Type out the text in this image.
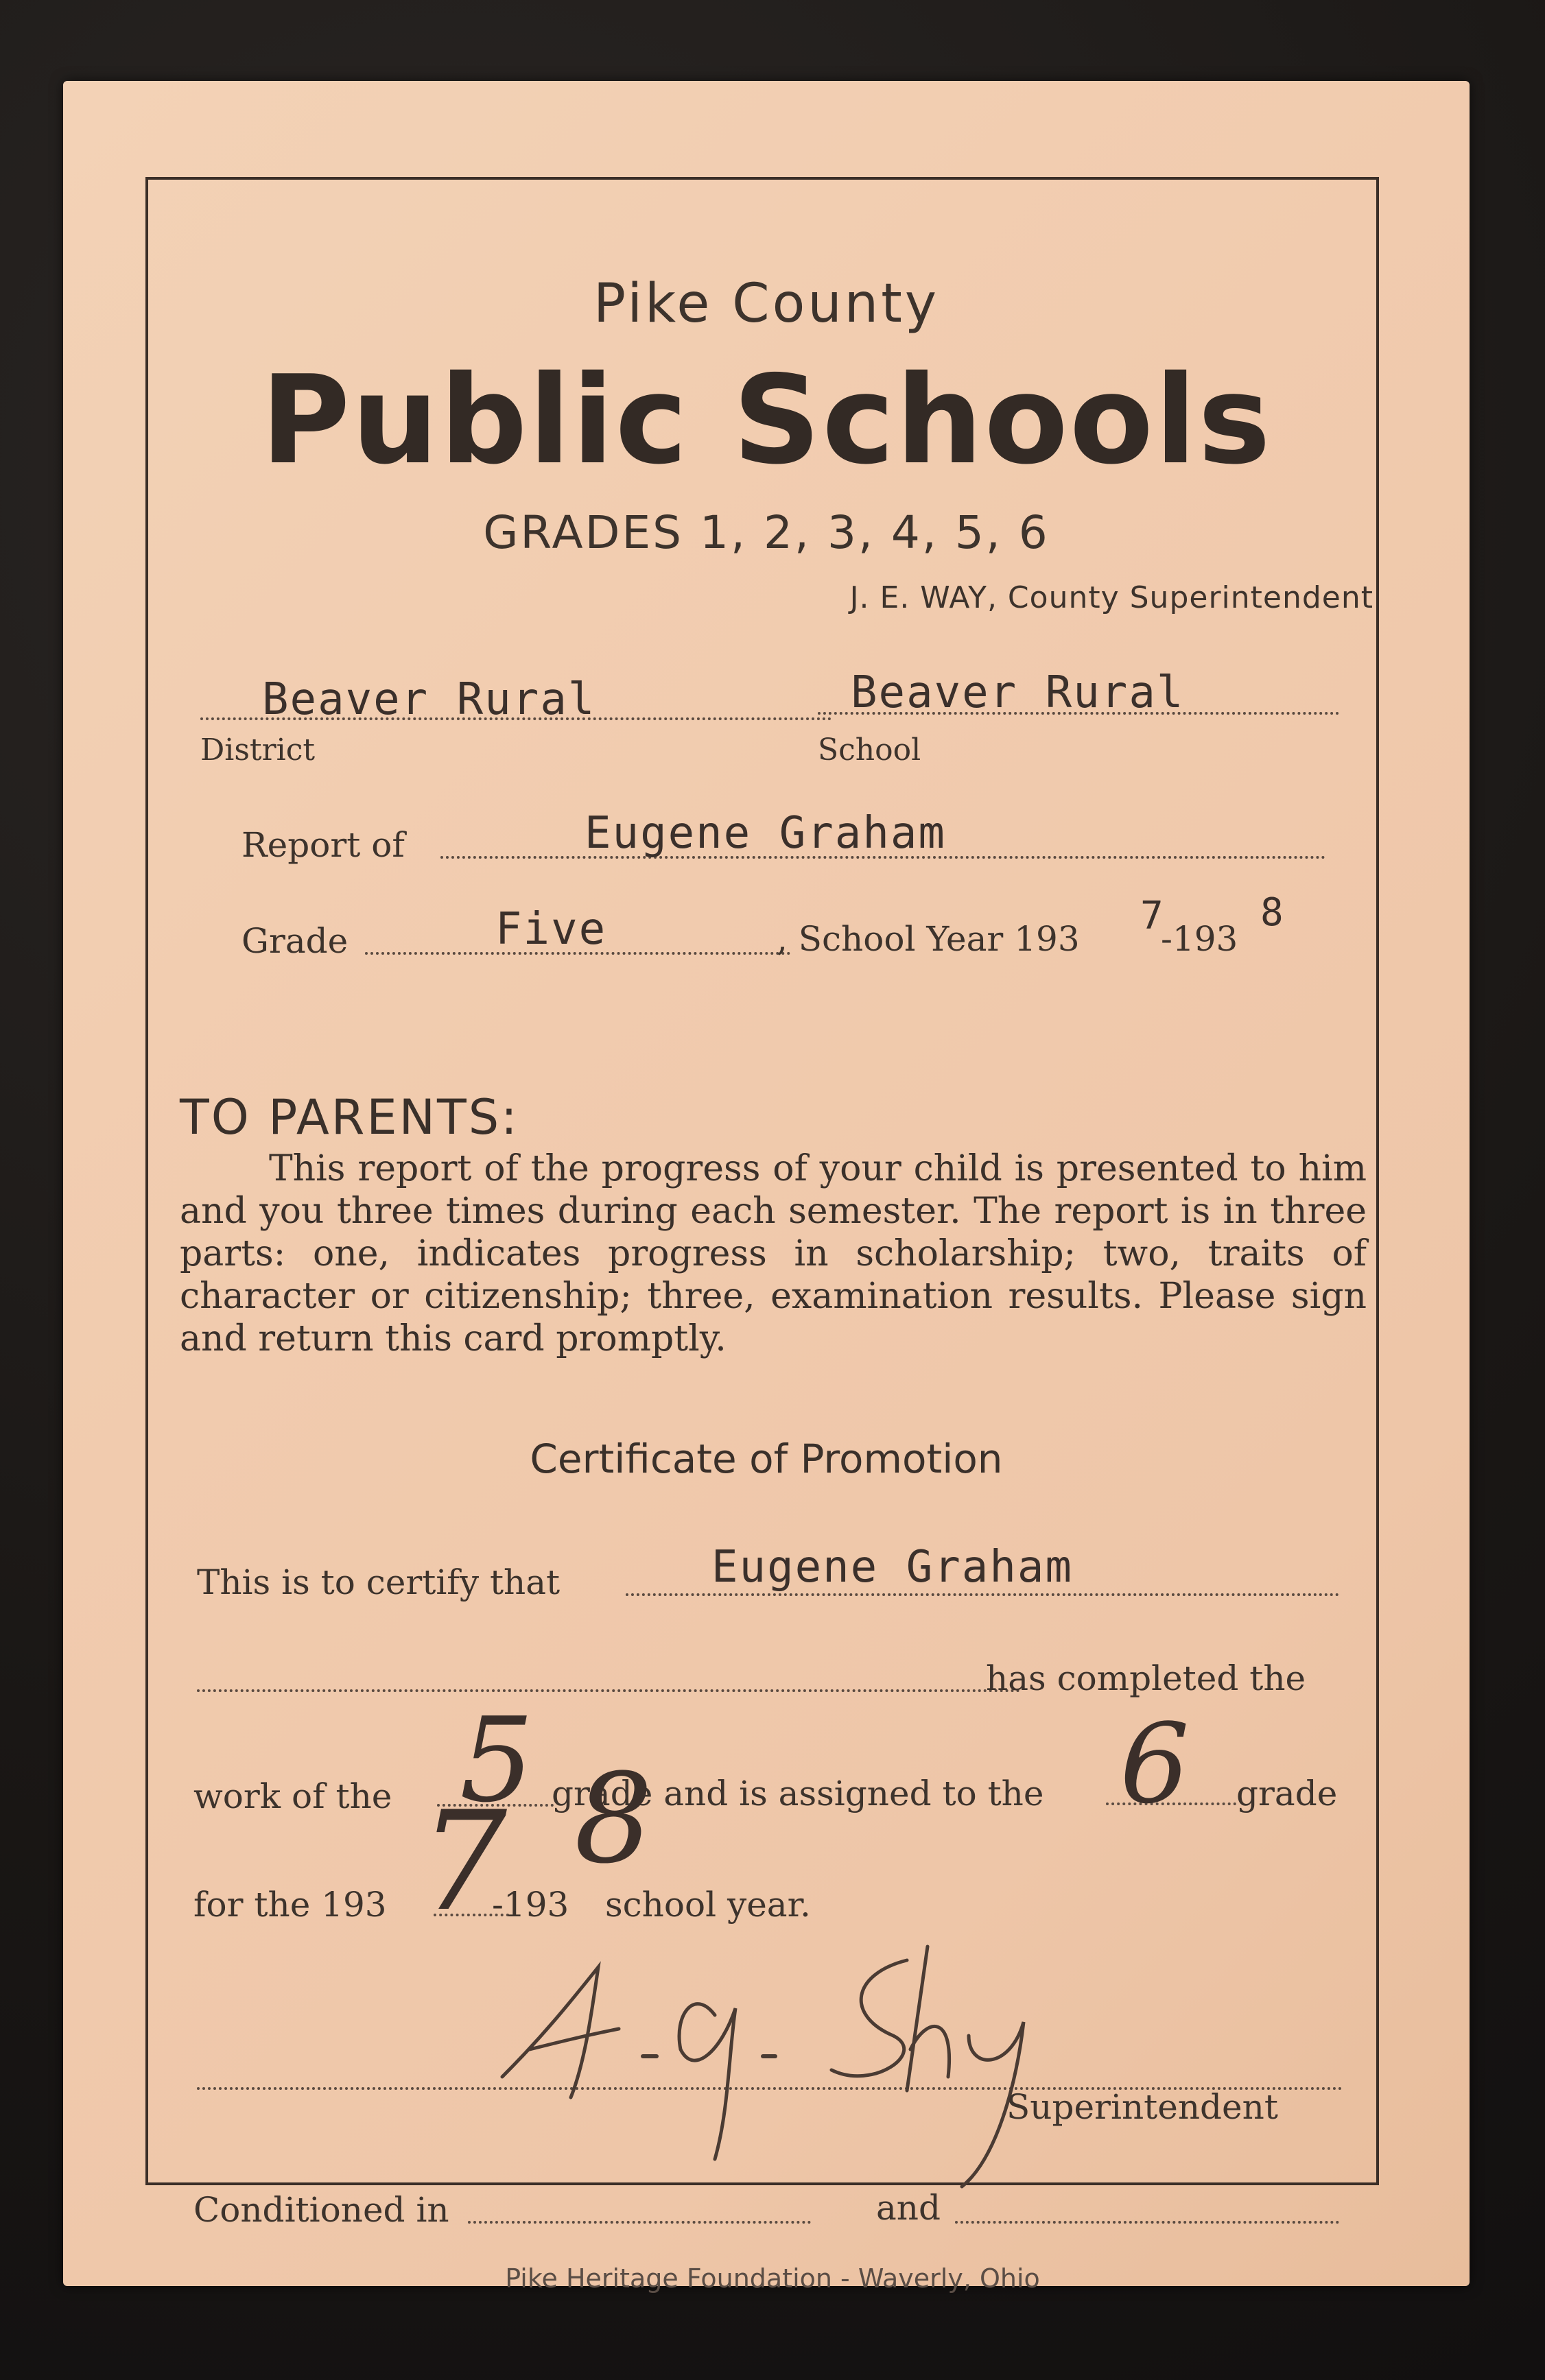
Pike County
Public Schools
GRADES 1, 2, 3, 4, 5, 6
J. E. WAY, County Superintendent
Beaver Rural
District
Beaver Rural
School
Report of	Eugene Graham
Grade	Five	, School Year 193
7
-193
8
TO PARENTS:
This report of the progress of your child is presented to him and you three times during each semester. The report is in three parts: one, indicates progress in scholarship; two, traits of character or citizenship; three, examination results. Please sign and return this card promptly.
Certificate of Promotion
This is to certify that	Eugene Graham
has completed the
work of the 5 grade and is assigned to the 6 grade
for the 193 7
-193
8
school year.
Superintendent
Conditioned in	and
Pike Heritage Foundation - Waverly, Ohio
